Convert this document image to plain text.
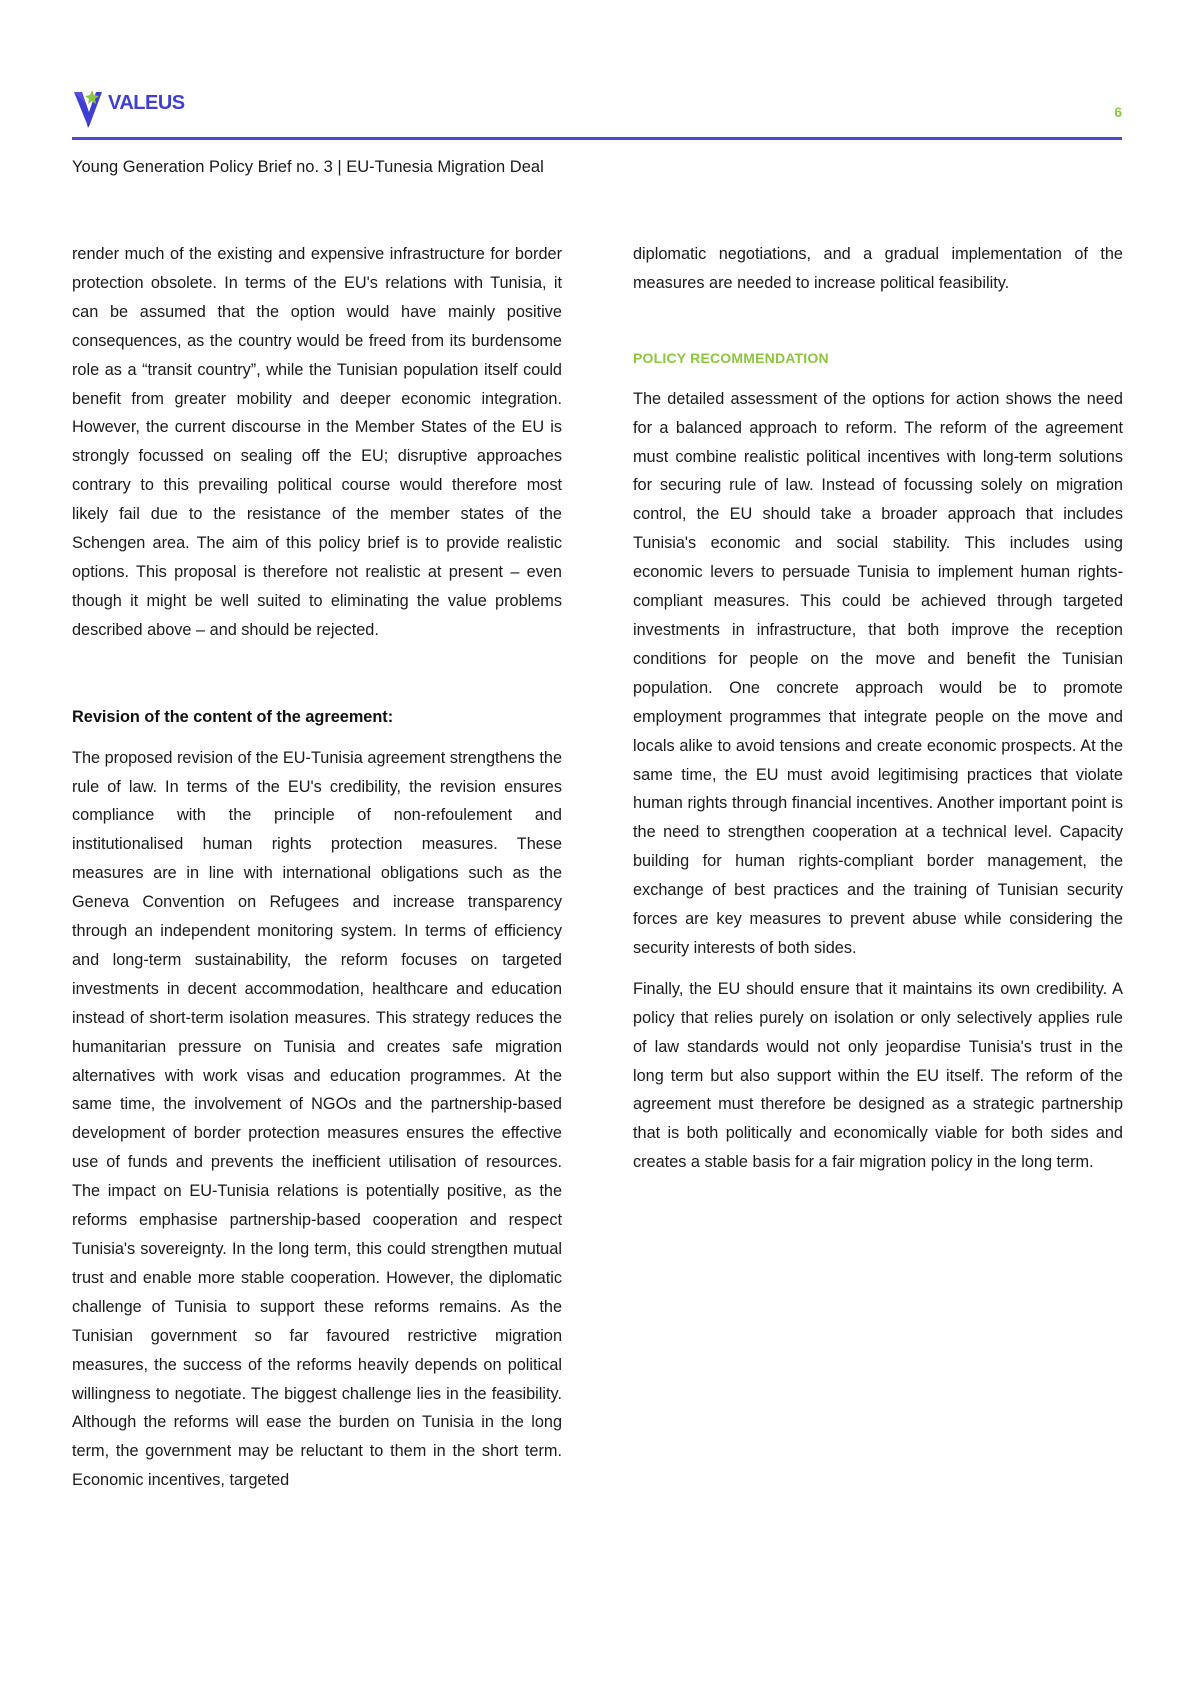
VALEUS	6
Young Generation Policy Brief no. 3 | EU-Tunesia Migration Deal

render much of the existing and expensive infrastructure for border protection obsolete. In terms of the EU's relations with Tunisia, it can be assumed that the option would have mainly positive consequences, as the country would be freed from its burdensome role as a “transit country”, while the Tunisian population itself could benefit from greater mobility and deeper economic integration. However, the current discourse in the Member States of the EU is strongly focussed on sealing off the EU; disruptive approaches contrary to this prevailing political course would therefore most likely fail due to the resistance of the member states of the Schengen area. The aim of this policy brief is to provide realistic options. This proposal is therefore not realistic at present – even though it might be well suited to eliminating the value problems described above – and should be rejected.

Revision of the content of the agreement:

The proposed revision of the EU-Tunisia agreement strengthens the rule of law. In terms of the EU's credibility, the revision ensures compliance with the principle of non-refoulement and institutionalised human rights protection measures. These measures are in line with international obligations such as the Geneva Convention on Refugees and increase transparency through an independent monitoring system. In terms of efficiency and long-term sustainability, the reform focuses on targeted investments in decent accommodation, healthcare and education instead of short-term isolation measures. This strategy reduces the humanitarian pressure on Tunisia and creates safe migration alternatives with work visas and education programmes. At the same time, the involvement of NGOs and the partnership-based development of border protection measures ensures the effective use of funds and prevents the inefficient utilisation of resources. The impact on EU-Tunisia relations is potentially positive, as the reforms emphasise partnership-based cooperation and respect Tunisia's sovereignty. In the long term, this could strengthen mutual trust and enable more stable cooperation. However, the diplomatic challenge of Tunisia to support these reforms remains. As the Tunisian government so far favoured restrictive migration measures, the success of the reforms heavily depends on political willingness to negotiate. The biggest challenge lies in the feasibility. Although the reforms will ease the burden on Tunisia in the long term, the government may be reluctant to them in the short term. Economic incentives, targeted

diplomatic negotiations, and a gradual implementation of the measures are needed to increase political feasibility.

POLICY RECOMMENDATION

The detailed assessment of the options for action shows the need for a balanced approach to reform. The reform of the agreement must combine realistic political incentives with long-term solutions for securing rule of law. Instead of focussing solely on migration control, the EU should take a broader approach that includes Tunisia's economic and social stability. This includes using economic levers to persuade Tunisia to implement human rights-compliant measures. This could be achieved through targeted investments in infrastructure, that both improve the reception conditions for people on the move and benefit the Tunisian population. One concrete approach would be to promote employment programmes that integrate people on the move and locals alike to avoid tensions and create economic prospects. At the same time, the EU must avoid legitimising practices that violate human rights through financial incentives. Another important point is the need to strengthen cooperation at a technical level. Capacity building for human rights-compliant border management, the exchange of best practices and the training of Tunisian security forces are key measures to prevent abuse while considering the security interests of both sides.

Finally, the EU should ensure that it maintains its own credibility. A policy that relies purely on isolation or only selectively applies rule of law standards would not only jeopardise Tunisia's trust in the long term but also support within the EU itself. The reform of the agreement must therefore be designed as a strategic partnership that is both politically and economically viable for both sides and creates a stable basis for a fair migration policy in the long term.
